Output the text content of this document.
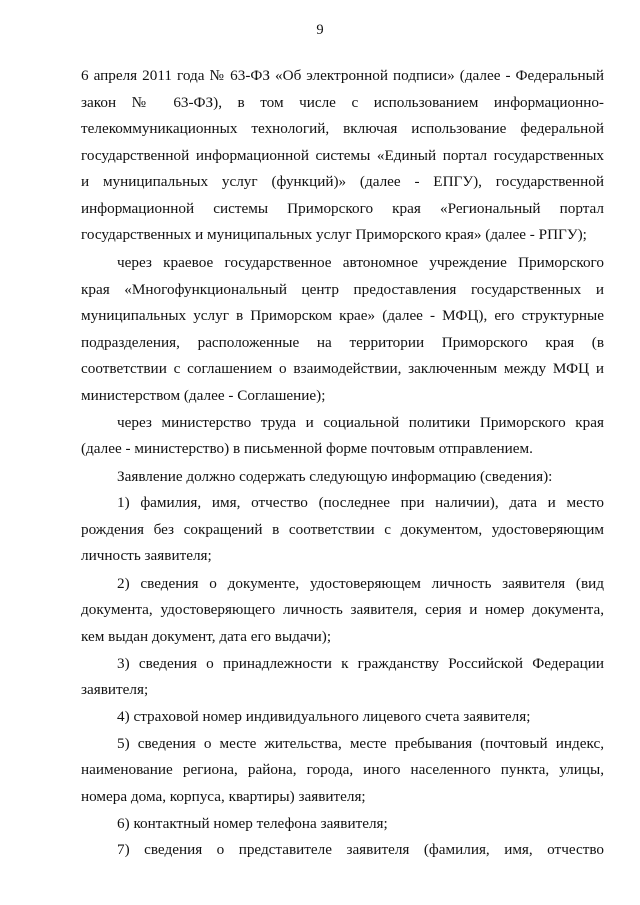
9
6 апреля 2011 года № 63-ФЗ «Об электронной подписи» (далее - Федеральный
закон № 63-ФЗ), в том числе с использованием информационно-
телекоммуникационных технологий, включая использование федеральной
государственной информационной системы «Единый портал государственных
и муниципальных услуг (функций)» (далее - ЕПГУ), государственной
информационной системы Приморского края «Региональный портал
государственных и муниципальных услуг Приморского края» (далее - РПГУ);
через краевое государственное автономное учреждение Приморского
края «Многофункциональный центр предоставления государственных и
муниципальных услуг в Приморском крае» (далее - МФЦ), его структурные
подразделения, расположенные на территории Приморского края (в
соответствии с соглашением о взаимодействии, заключенным между МФЦ и
министерством (далее - Соглашение);
через министерство труда и социальной политики Приморского края
(далее - министерство) в письменной форме почтовым отправлением.
Заявление должно содержать следующую информацию (сведения):
1) фамилия, имя, отчество (последнее при наличии), дата и место
рождения без сокращений в соответствии с документом, удостоверяющим
личность заявителя;
2) сведения о документе, удостоверяющем личность заявителя (вид
документа, удостоверяющего личность заявителя, серия и номер документа,
кем выдан документ, дата его выдачи);
3) сведения о принадлежности к гражданству Российской Федерации
заявителя;
4) страховой номер индивидуального лицевого счета заявителя;
5) сведения о месте жительства, месте пребывания (почтовый индекс,
наименование региона, района, города, иного населенного пункта, улицы,
номера дома, корпуса, квартиры) заявителя;
6) контактный номер телефона заявителя;
7) сведения о представителе заявителя (фамилия, имя, отчество
